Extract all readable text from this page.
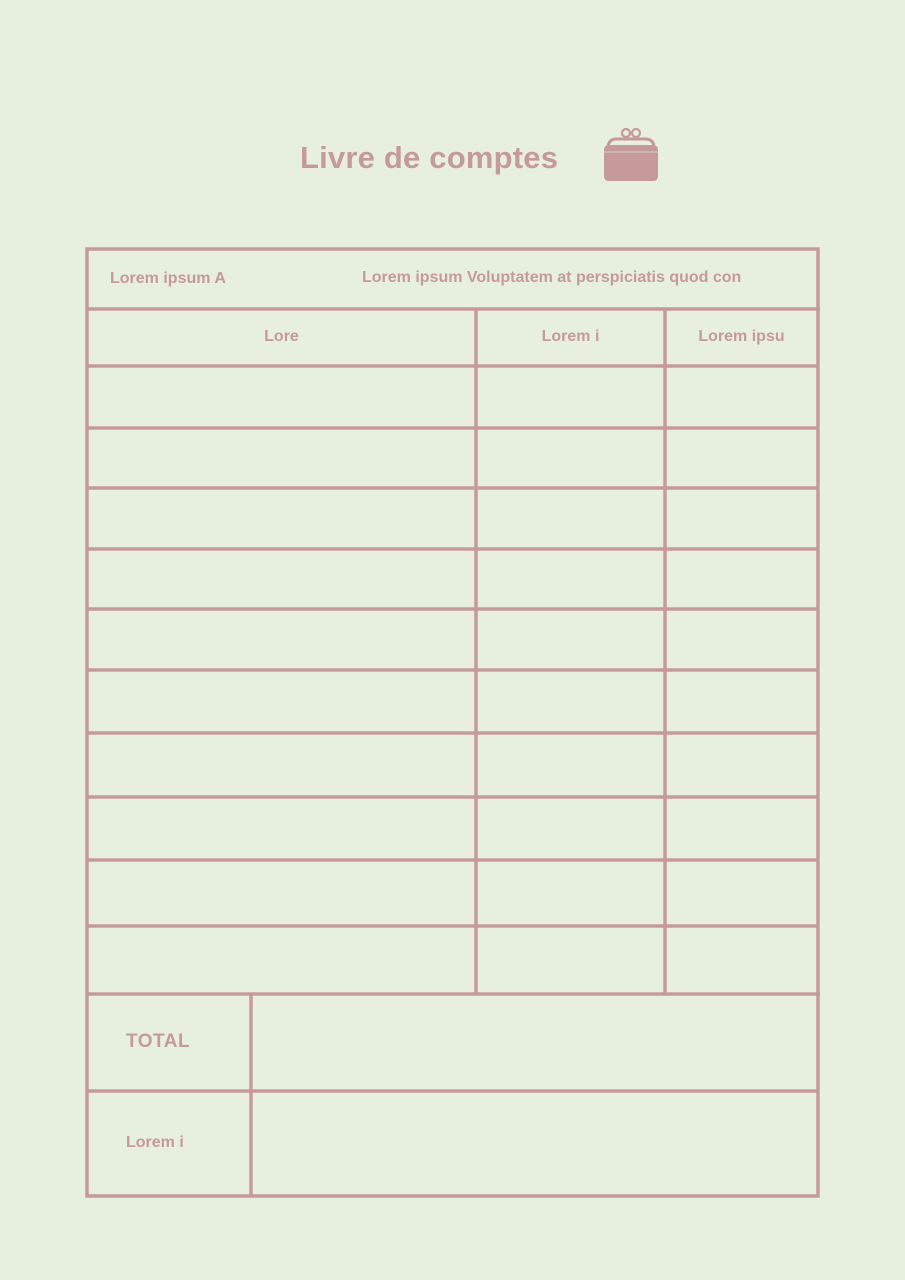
Livre de comptes
Lorem ipsum A	Lorem ipsum Voluptatem at perspiciatis quod con
Lore	Lorem i	Lorem ipsu
TOTAL
Lorem i
